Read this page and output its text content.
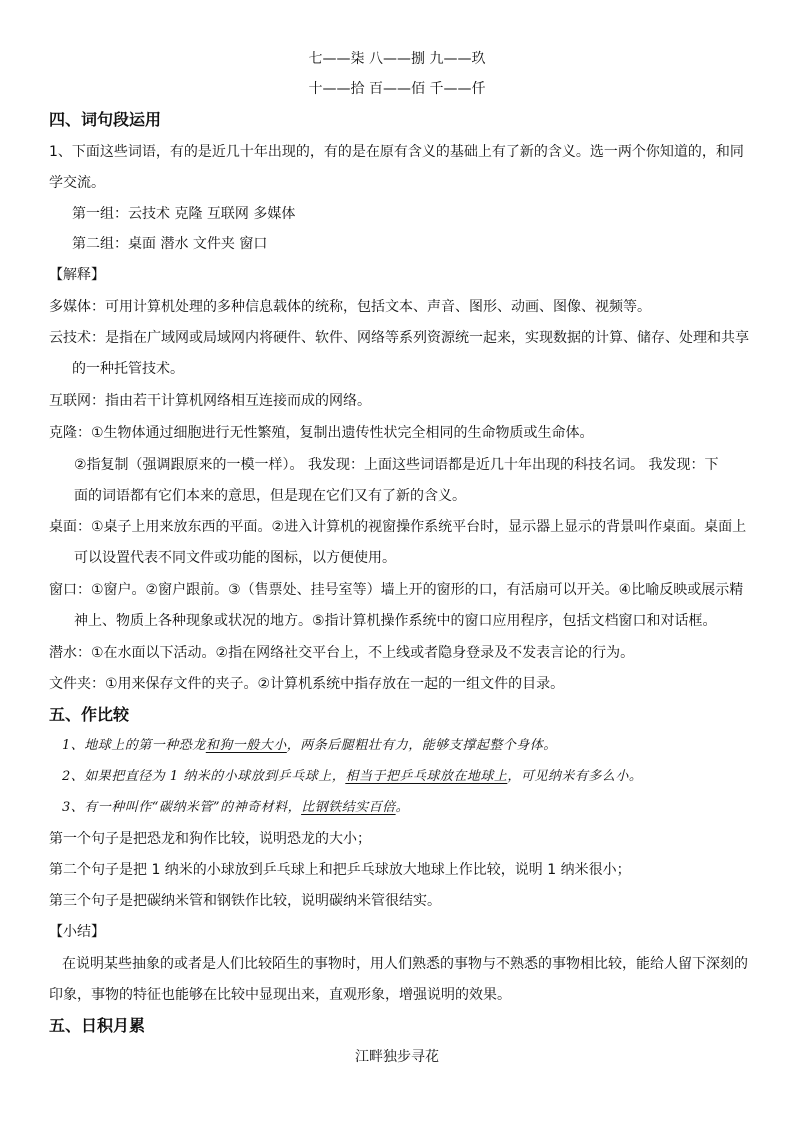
七——柒 八——捌 九——玖
十——拾 百——佰 千——仟
四、词句段运用
1、下面这些词语，有的是近几十年出现的，有的是在原有含义的基础上有了新的含义。选一两个你知道的，和同
学交流。
第一组：云技术 克隆 互联网 多媒体
第二组：桌面 潜水 文件夹 窗口
【解释】
多媒体：可用计算机处理的多种信息载体的统称，包括文本、声音、图形、动画、图像、视频等。
云技术：是指在广域网或局域网内将硬件、软件、网络等系列资源统一起来，实现数据的计算、储存、处理和共享
的一种托管技术。
互联网：指由若干计算机网络相互连接而成的网络。
克隆：①生物体通过细胞进行无性繁殖，复制出遗传性状完全相同的生命物质或生命体。
②指复制（强调跟原来的一模一样）。 我发现：上面这些词语都是近几十年出现的科技名词。 我发现：下
面的词语都有它们本来的意思，但是现在它们又有了新的含义。
桌面：①桌子上用来放东西的平面。②进入计算机的视窗操作系统平台时，显示器上显示的背景叫作桌面。桌面上
可以设置代表不同文件或功能的图标，以方便使用。
窗口：①窗户。②窗户跟前。③（售票处、挂号室等）墙上开的窗形的口，有活扇可以开关。④比喻反映或展示精
神上、物质上各种现象或状况的地方。⑤指计算机操作系统中的窗口应用程序，包括文档窗口和对话框。
潜水：①在水面以下活动。②指在网络社交平台上，不上线或者隐身登录及不发表言论的行为。
文件夹：①用来保存文件的夹子。②计算机系统中指存放在一起的一组文件的目录。
五、作比较
1、地球上的第一种恐龙和狗一般大小，两条后腿粗壮有力，能够支撑起整个身体。
2、如果把直径为 1 纳米的小球放到乒乓球上，相当于把乒乓球放在地球上，可见纳米有多么小。
3、有一种叫作“碳纳米管”的神奇材料，比钢铁结实百倍。
第一个句子是把恐龙和狗作比较，说明恐龙的大小；
第二个句子是把 1 纳米的小球放到乒乓球上和把乒乓球放大地球上作比较，说明 1 纳米很小；
第三个句子是把碳纳米管和钢铁作比较，说明碳纳米管很结实。
【小结】
在说明某些抽象的或者是人们比较陌生的事物时，用人们熟悉的事物与不熟悉的事物相比较，能给人留下深刻的
印象，事物的特征也能够在比较中显现出来，直观形象，增强说明的效果。
五、日积月累
江畔独步寻花
